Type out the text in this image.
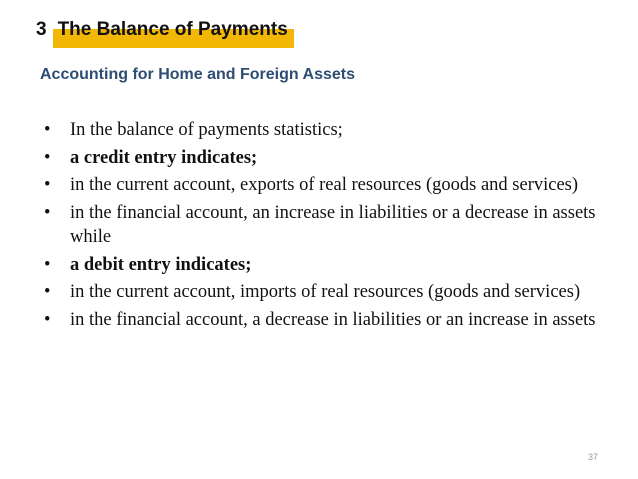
3 The Balance of Payments
Accounting for Home and Foreign Assets
• In the balance of payments statistics;
• a credit entry indicates;
• in the current account, exports of real resources (goods and services)
• in the financial account, an increase in liabilities or a decrease in assets while
• a debit entry indicates;
• in the current account, imports of real resources (goods and services)
• in the financial account, a decrease in liabilities or an increase in assets
37
